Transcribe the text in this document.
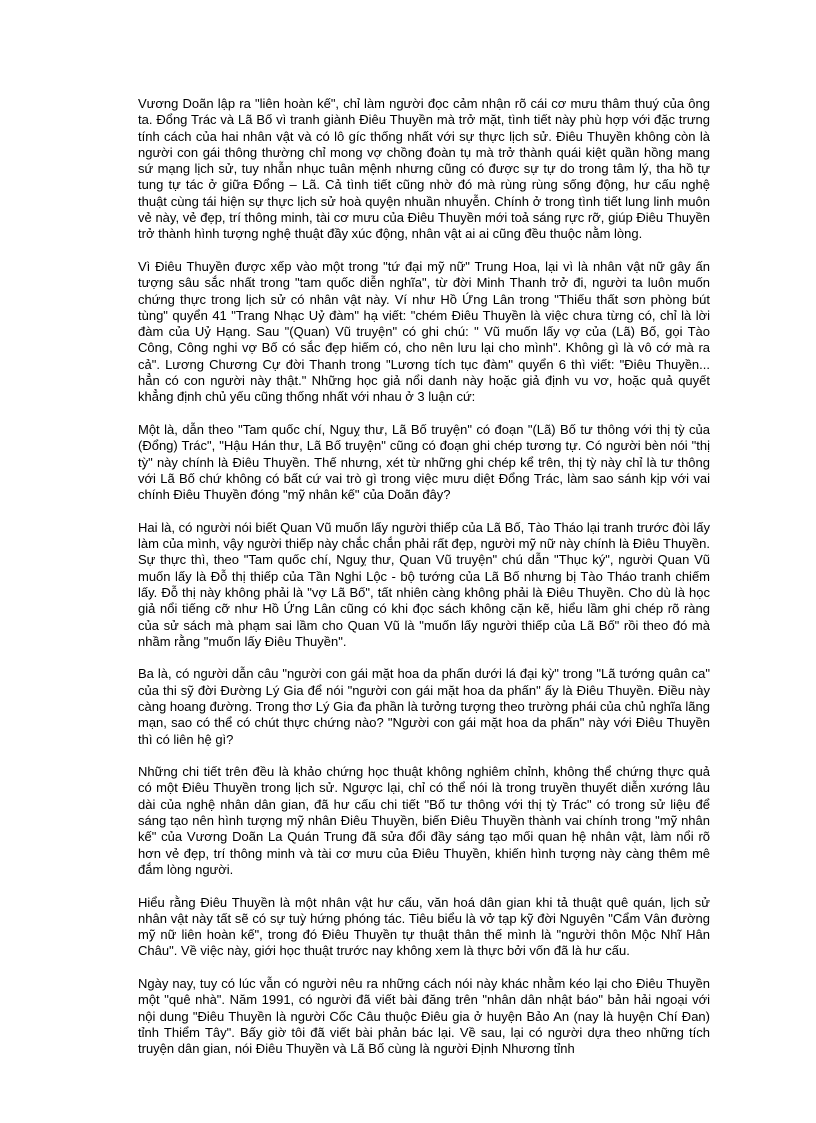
Vương Doãn lập ra "liên hoàn kế", chỉ làm người đọc cảm nhận rõ cái cơ mưu thâm thuý của ông ta. Đổng Trác và Lã Bố vì tranh giành Điêu Thuyền mà trở mặt, tình tiết này phù hợp với đặc trưng tính cách của hai nhân vật và có lô gíc thống nhất với sự thực lịch sử. Điêu Thuyền không còn là người con gái thông thường chỉ mong vợ chồng đoàn tụ mà trở thành quái kiệt quần hồng mang sứ mạng lịch sử, tuy nhẫn nhục tuân mệnh nhưng cũng có được sự tự do trong tâm lý, tha hồ tự tung tự tác ở giữa Đổng – Lã. Cả tình tiết cũng nhờ đó mà rùng rùng sống động, hư cấu nghệ thuật cùng tái hiện sự thực lịch sử hoà quyện nhuần nhuyễn. Chính ở trong tình tiết lung linh muôn vẻ này, vẻ đẹp, trí thông minh, tài cơ mưu của Điêu Thuyền mới toả sáng rực rỡ, giúp Điêu Thuyền trở thành hình tượng nghệ thuật đầy xúc động, nhân vật ai ai cũng đều thuộc nằm lòng.

Vì Điêu Thuyền được xếp vào một trong "tứ đại mỹ nữ" Trung Hoa, lại vì là nhân vật nữ gây ấn tượng sâu sắc nhất trong "tam quốc diễn nghĩa", từ đời Minh Thanh trở đi, người ta luôn muốn chứng thực trong lịch sử có nhân vật này. Ví như Hồ Ứng Lân trong "Thiếu thất sơn phòng bút tùng" quyển 41 "Trang Nhạc Uỷ đàm" hạ viết: "chém Điêu Thuyền là việc chưa từng có, chỉ là lời đàm của Uỷ Hạng. Sau "(Quan) Vũ truyện" có ghi chú: " Vũ muốn lấy vợ của (Lã) Bố, gọi Tào Công, Công nghi vợ Bố có sắc đẹp hiếm có, cho nên lưu lại cho mình". Không gì là vô cớ mà ra cả". Lương Chương Cự đời Thanh trong "Lương tích tục đàm" quyển 6 thì viết: "Điêu Thuyền... hẳn có con người này thật." Những học giả nổi danh này hoặc giả định vu vơ, hoặc quả quyết khẳng định chủ yếu cũng thống nhất với nhau ở 3 luận cứ:

Một là, dẫn theo "Tam quốc chí, Nguỵ thư, Lã Bố truyện" có đoạn "(Lã) Bố tư thông với thị tỳ của (Đổng) Trác", "Hậu Hán thư, Lã Bố truyện" cũng có đoạn ghi chép tương tự. Có người bèn nói "thị tỳ" này chính là Điêu Thuyền. Thế nhưng, xét từ những ghi chép kể trên, thị tỳ này chỉ là tư thông với Lã Bố chứ không có bất cứ vai trò gì trong việc mưu diệt Đổng Trác, làm sao sánh kịp với vai chính Điêu Thuyền đóng "mỹ nhân kế" của Doãn đây?

Hai là, có người nói biết Quan Vũ muốn lấy người thiếp của Lã Bố, Tào Tháo lại tranh trước đòi lấy làm của mình, vậy người thiếp này chắc chắn phải rất đẹp, người mỹ nữ này chính là Điêu Thuyền. Sự thực thì, theo "Tam quốc chí, Nguỵ thư, Quan Vũ truyện" chú dẫn "Thục ký", người Quan Vũ muốn lấy là Đỗ thị thiếp của Tần Nghi Lộc - bộ tướng của Lã Bố nhưng bị Tào Tháo tranh chiếm lấy. Đỗ thị này không phải là "vợ Lã Bố", tất nhiên càng không phải là Điêu Thuyền. Cho dù là học giả nổi tiếng cỡ như Hồ Ứng Lân cũng có khi đọc sách không cặn kẽ, hiểu lầm ghi chép rõ ràng của sử sách mà phạm sai lầm cho Quan Vũ là "muốn lấy người thiếp của Lã Bố" rồi theo đó mà nhầm rằng "muốn lấy Điêu Thuyền".

Ba là, có người dẫn câu "người con gái mặt hoa da phấn dưới lá đại kỳ" trong "Lã tướng quân ca" của thi sỹ đời Đường Lý Gia để nói "người con gái mặt hoa da phấn" ấy là Điêu Thuyền. Điều này càng hoang đường. Trong thơ Lý Gia đa phần là tưởng tượng theo trường phái của chủ nghĩa lãng mạn, sao có thể có chút thực chứng nào? "Người con gái mặt hoa da phấn" này với Điêu Thuyền thì có liên hệ gì?

Những chi tiết trên đều là khảo chứng học thuật không nghiêm chỉnh, không thể chứng thực quả có một Điêu Thuyền trong lịch sử. Ngược lại, chỉ có thể nói là trong truyền thuyết diễn xướng lâu dài của nghệ nhân dân gian, đã hư cấu chi tiết "Bố tư thông với thị tỳ Trác" có trong sử liệu để sáng tạo nên hình tượng mỹ nhân Điêu Thuyền, biến Điêu Thuyền thành vai chính trong "mỹ nhân kế" của Vương Doãn La Quán Trung đã sửa đổi đầy sáng tạo mối quan hệ nhân vật, làm nổi rõ hơn vẻ đẹp, trí thông minh và tài cơ mưu của Điêu Thuyền, khiến hình tượng này càng thêm mê đắm lòng người.

Hiểu rằng Điêu Thuyền là một nhân vật hư cấu, văn hoá dân gian khi tả thuật quê quán, lịch sử nhân vật này tất sẽ có sự tuỳ hứng phóng tác. Tiêu biểu là vở tạp kỹ đời Nguyên "Cẩm Vân đường mỹ nữ liên hoàn kế", trong đó Điêu Thuyền tự thuật thân thế mình là "người thôn Mộc Nhĩ Hân Châu". Về việc này, giới học thuật trước nay không xem là thực bởi vốn đã là hư cấu.

Ngày nay, tuy có lúc vẫn có người nêu ra những cách nói này khác nhằm kéo lại cho Điêu Thuyền một "quê nhà". Năm 1991, có người đã viết bài đăng trên "nhân dân nhật báo" bản hải ngoại với nội dung "Điêu Thuyền là người Cốc Câu thuộc Điêu gia ở huyện Bảo An (nay là huyện Chí Đan) tỉnh Thiểm Tây". Bấy giờ tôi đã viết bài phản bác lại. Về sau, lại có người dựa theo những tích truyện dân gian, nói Điêu Thuyền và Lã Bố cùng là người Định Nhương tỉnh
